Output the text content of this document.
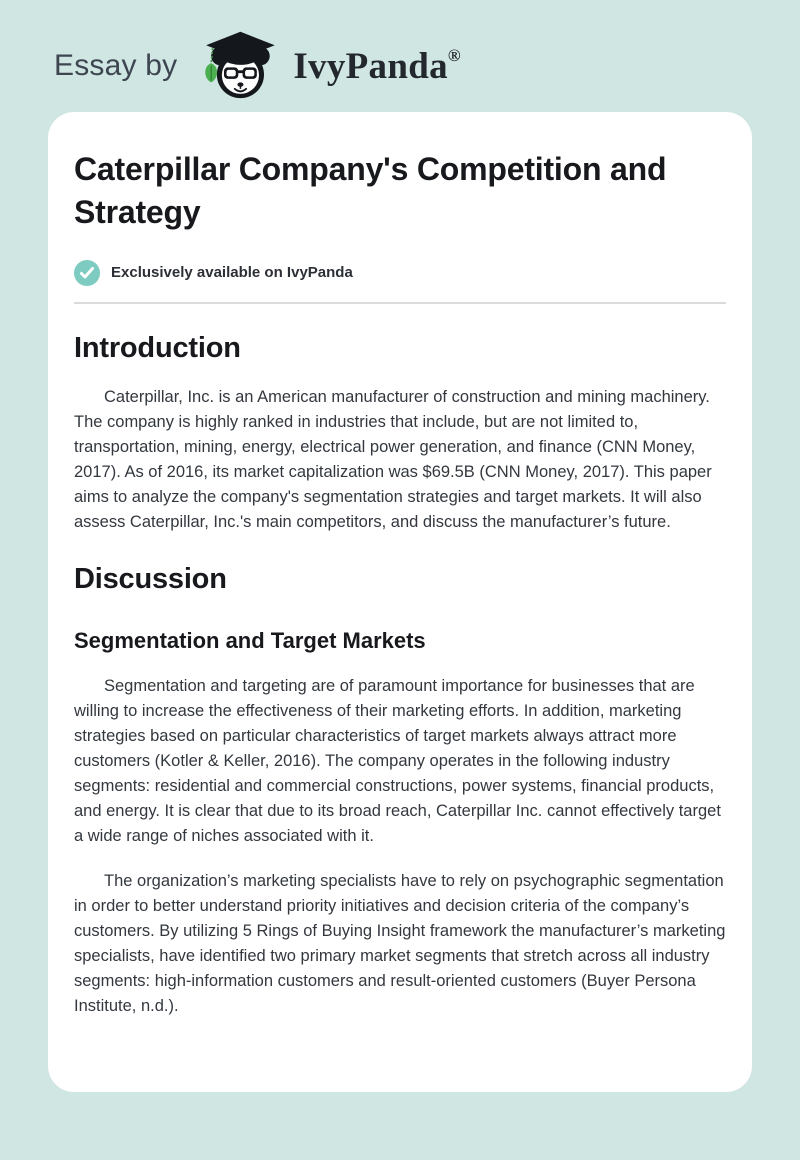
Essay by	IvyPanda ®
Caterpillar Company's Competition and Strategy
Exclusively available on IvyPanda
Introduction

Caterpillar, Inc. is an American manufacturer of construction and mining machinery. The company is highly ranked in industries that include, but are not limited to, transportation, mining, energy, electrical power generation, and finance (CNN Money, 2017). As of 2016, its market capitalization was $69.5B (CNN Money, 2017). This paper aims to analyze the company's segmentation strategies and target markets. It will also assess Caterpillar, Inc.'s main competitors, and discuss the manufacturer’s future.

Discussion
Segmentation and Target Markets

Segmentation and targeting are of paramount importance for businesses that are willing to increase the effectiveness of their marketing efforts. In addition, marketing strategies based on particular characteristics of target markets always attract more customers (Kotler & Keller, 2016). The company operates in the following industry segments: residential and commercial constructions, power systems, financial products, and energy. It is clear that due to its broad reach, Caterpillar Inc. cannot effectively target a wide range of niches associated with it.

The organization’s marketing specialists have to rely on psychographic segmentation in order to better understand priority initiatives and decision criteria of the company’s customers. By utilizing 5 Rings of Buying Insight framework the manufacturer’s marketing specialists, have identified two primary market segments that stretch across all industry segments: high-information customers and result-oriented customers (Buyer Persona Institute, n.d.).
